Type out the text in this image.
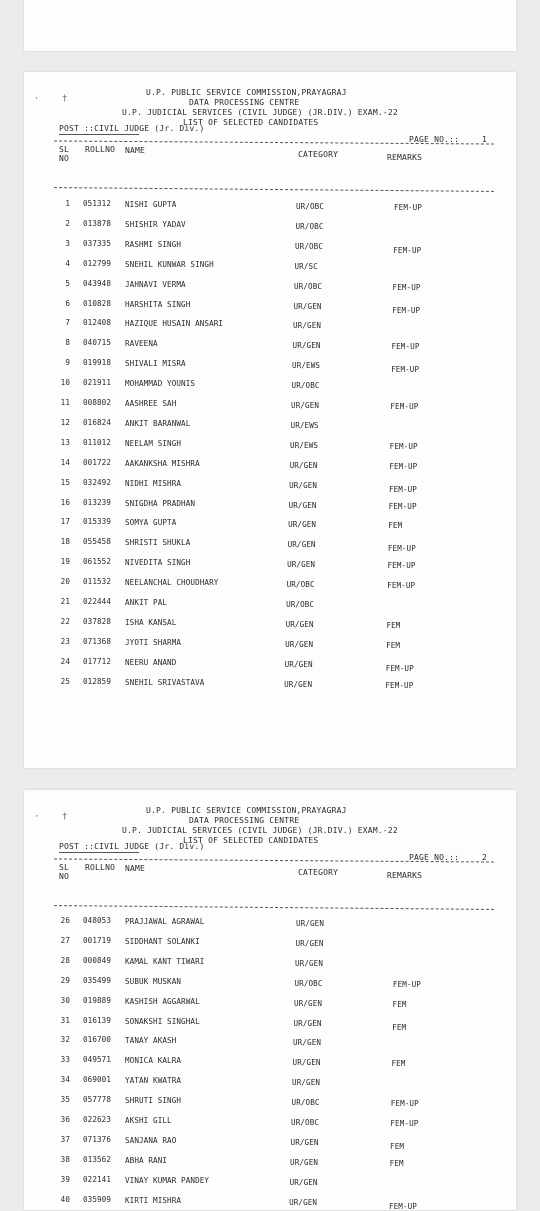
·	†
U.P. PUBLIC SERVICE COMMISSION,PRAYAGRAJ
DATA PROCESSING CENTRE
U.P. JUDICIAL SERVICES (CIVIL JUDGE) (JR.DIV.) EXAM.-22
LIST OF SELECTED CANDIDATES
POST ::CIVIL JUDGE (Jr. Div.)
PAGE NO.::	1
SL
NO
ROLLNO NAME	CATEGORY	REMARKS
1 051312 NISHI GUPTA	UR/OBC	FEM-UP
2 013878 SHISHIR YADAV	UR/OBC
3 037335 RASHMI SINGH	UR/OBC	FEM-UP
4 012799 SNEHIL KUNWAR SINGH	UR/SC
5 043948 JAHNAVI VERMA	UR/OBC	FEM-UP
6 010828 HARSHITA SINGH	UR/GEN	FEM-UP
7 012408 HAZIQUE HUSAIN ANSARI	UR/GEN
8 040715 RAVEENA	UR/GEN	FEM-UP
9 019918 SHIVALI MISRA	UR/EWS	FEM-UP
10 021911 MOHAMMAD YOUNIS	UR/OBC
11 008802 AASHREE SAH	UR/GEN	FEM-UP
12 016824 ANKIT BARANWAL	UR/EWS
13 011012 NEELAM SINGH	UR/EWS	FEM-UP
14 001722 AAKANKSHA MISHRA	UR/GEN	FEM-UP
15 032492 NIDHI MISHRA	UR/GEN	FEM-UP
16 013239 SNIGDHA PRADHAN	UR/GEN	FEM-UP
17 015339 SOMYA GUPTA	UR/GEN	FEM
18 055458 SHRISTI SHUKLA	UR/GEN	FEM-UP
19 061552 NIVEDITA SINGH	UR/GEN	FEM-UP
20 011532 NEELANCHAL CHOUDHARY	UR/OBC	FEM-UP
21 022444 ANKIT PAL	UR/OBC
22 037828 ISHA KANSAL	UR/GEN	FEM
23 071368 JYOTI SHARMA	UR/GEN	FEM
24 017712 NEERU ANAND	UR/GEN	FEM-UP
25 012859 SNEHIL SRIVASTAVA	UR/GEN	FEM-UP
·	†
U.P. PUBLIC SERVICE COMMISSION,PRAYAGRAJ
DATA PROCESSING CENTRE
U.P. JUDICIAL SERVICES (CIVIL JUDGE) (JR.DIV.) EXAM.-22
LIST OF SELECTED CANDIDATES
POST ::CIVIL JUDGE (Jr. Div.)
PAGE NO.::	2
SL
NO
ROLLNO NAME	CATEGORY	REMARKS
26 048053 PRAJJAWAL AGRAWAL	UR/GEN
27 001719 SIDDHANT SOLANKI	UR/GEN
28 000849 KAMAL KANT TIWARI	UR/GEN
29 035499 SUBUK MUSKAN	UR/OBC	FEM-UP
30 019889 KASHISH AGGARWAL	UR/GEN	FEM
31 016139 SONAKSHI SINGHAL	UR/GEN	FEM
32 016700 TANAY AKASH	UR/GEN
33 049571 MONICA KALRA	UR/GEN	FEM
34 069001 YATAN KWATRA	UR/GEN
35 057778 SHRUTI SINGH	UR/OBC	FEM-UP
36 022623 AKSHI GILL	UR/OBC	FEM-UP
37 071376 SANJANA RAO	UR/GEN	FEM
38 013562 ABHA RANI	UR/GEN	FEM
39 022141 VINAY KUMAR PANDEY	UR/GEN
40 035909 KIRTI MISHRA	UR/GEN	FEM-UP
